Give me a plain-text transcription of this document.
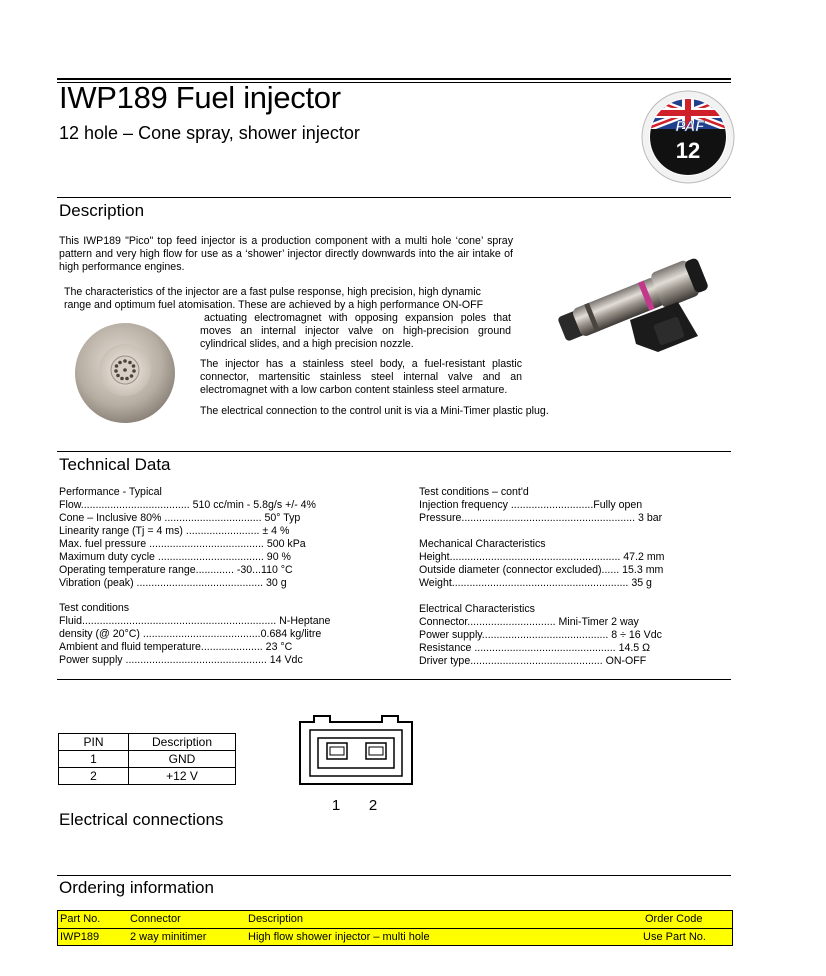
IWP189 Fuel injector
12 hole – Cone spray, shower injector	PAF
12
Description
This IWP189 "Pico" top feed injector is a production component with a multi hole ‘cone’ spray pattern and very high flow for use as a ‘shower’ injector directly downwards into the air intake of high performance engines.
The characteristics of the injector are a fast pulse response, high precision, high dynamic
range and optimum fuel atomisation. These are achieved by a high performance ON-OFF
actuating electromagnet with opposing expansion poles that moves an internal injector valve on high-precision ground cylindrical slides, and a high precision nozzle.
The injector has a stainless steel body, a fuel-resistant plastic connector, martensitic stainless steel internal valve and an electromagnet with a low carbon content stainless steel armature.
The electrical connection to the control unit is via a Mini-Timer plastic plug.
Technical Data
Performance - Typical
Flow..................................... 510 cc/min - 5.8g/s +/- 4%
Cone – Inclusive 80% ................................. 50° Typ
Linearity range (Tj = 4 ms) ......................... ± 4 %
Max. fuel pressure ....................................... 500 kPa
Maximum duty cycle .................................... 90 %
Operating temperature range............. -30...110 °C
Vibration (peak) ........................................... 30 g
Test conditions
Fluid.................................................................. N-Heptane
density (@ 20°C) ........................................0.684 kg/litre
Ambient and fluid temperature..................... 23 °C
Power supply ................................................ 14 Vdc
Test conditions – cont'd
Injection frequency ............................Fully open
Pressure........................................................... 3 bar
Mechanical Characteristics
Height.......................................................... 47.2 mm
Outside diameter (connector excluded)...... 15.3 mm
Weight............................................................ 35 g
Electrical Characteristics
Connector.............................. Mini-Timer 2 way
Power supply........................................... 8 ÷ 16 Vdc
Resistance ................................................ 14.5 Ω
Driver type............................................. ON-OFF
PIN	Description
1	GND
2	+12 V
1 2
Electrical connections
Ordering information
Part No.	Connector	Description	Order Code
IWP189	2 way minitimer	High flow shower injector – multi hole	Use Part No.
